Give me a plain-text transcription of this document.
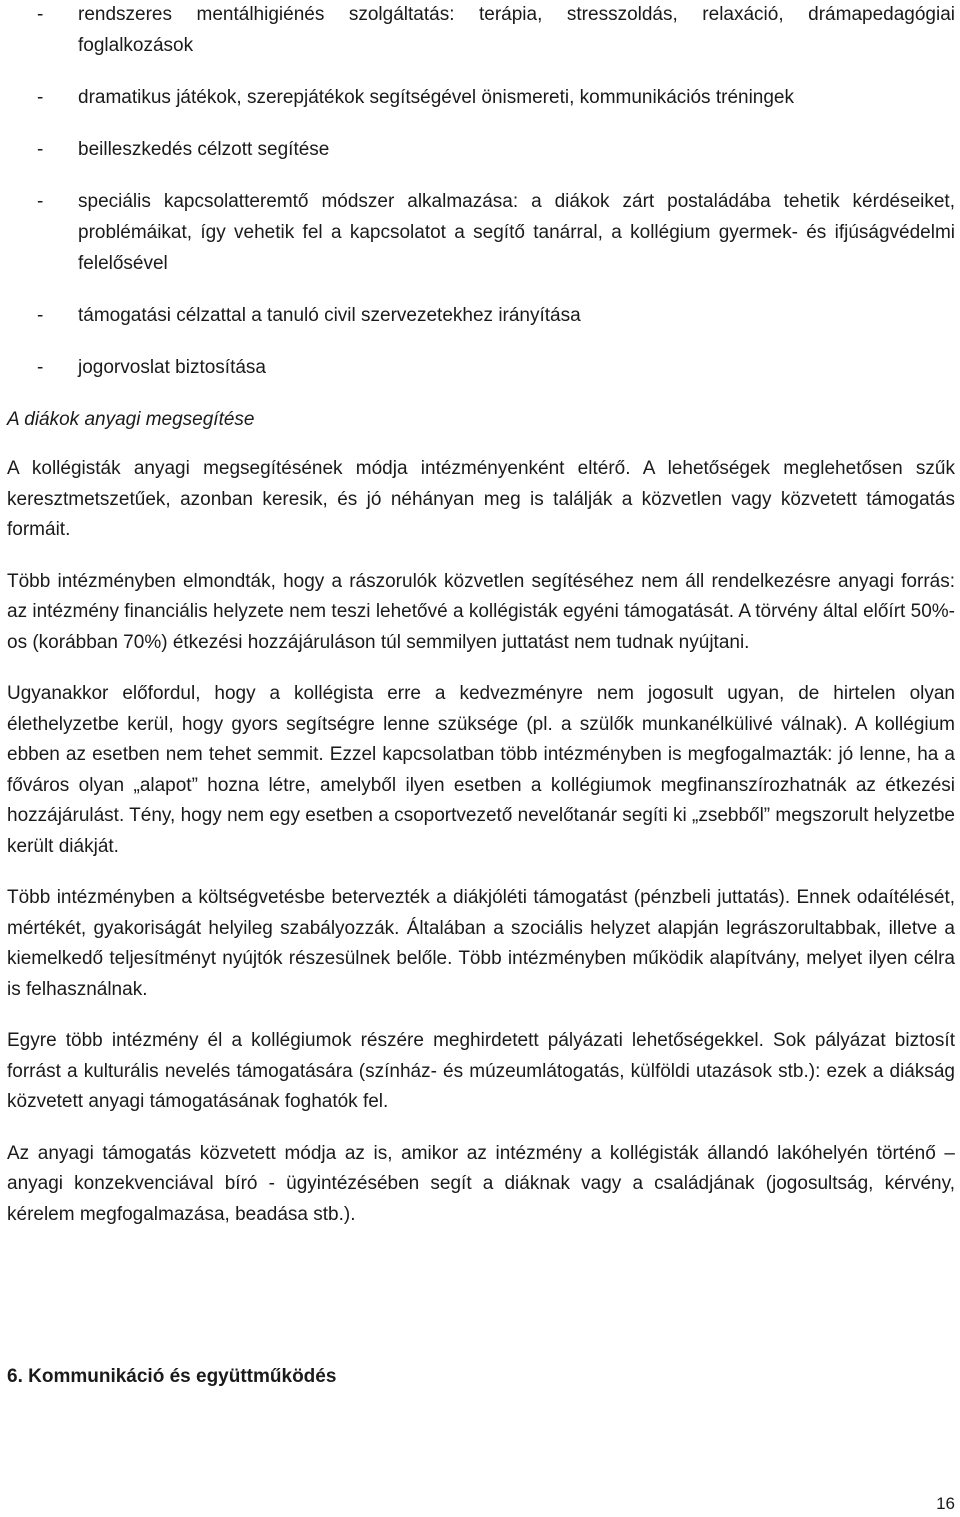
- rendszeres mentálhigiénés szolgáltatás: terápia, stresszoldás, relaxáció, drámapedagógiai foglalkozások
- dramatikus játékok, szerepjátékok segítségével önismereti, kommunikációs tréningek
- beilleszkedés célzott segítése
- speciális kapcsolatteremtő módszer alkalmazása: a diákok zárt postaládába tehetik kérdéseiket, problémáikat, így vehetik fel a kapcsolatot a segítő tanárral, a kollégium gyermek- és ifjúságvédelmi felelősével
- támogatási célzattal a tanuló civil szervezetekhez irányítása
- jogorvoslat biztosítása
A diákok anyagi megsegítése

A kollégisták anyagi megsegítésének módja intézményenként eltérő. A lehetőségek meglehetősen szűk keresztmetszetűek, azonban keresik, és jó néhányan meg is találják a közvetlen vagy közvetett támogatás formáit.

Több intézményben elmondták, hogy a rászorulók közvetlen segítéséhez nem áll rendelkezésre anyagi forrás: az intézmény financiális helyzete nem teszi lehetővé a kollégisták egyéni támogatását. A törvény által előírt 50%-os (korábban 70%) étkezési hozzájáruláson túl semmilyen juttatást nem tudnak nyújtani.

Ugyanakkor előfordul, hogy a kollégista erre a kedvezményre nem jogosult ugyan, de hirtelen olyan élethelyzetbe kerül, hogy gyors segítségre lenne szüksége (pl. a szülők munkanélkülivé válnak). A kollégium ebben az esetben nem tehet semmit. Ezzel kapcsolatban több intézményben is megfogalmazták: jó lenne, ha a főváros olyan „alapot” hozna létre, amelyből ilyen esetben a kollégiumok megfinanszírozhatnák az étkezési hozzájárulást. Tény, hogy nem egy esetben a csoportvezető nevelőtanár segíti ki „zsebből” megszorult helyzetbe került diákját.

Több intézményben a költségvetésbe betervezték a diákjóléti támogatást (pénzbeli juttatás). Ennek odaítélését, mértékét, gyakoriságát helyileg szabályozzák. Általában a szociális helyzet alapján legrászorultabbak, illetve a kiemelkedő teljesítményt nyújtók részesülnek belőle. Több intézményben működik alapítvány, melyet ilyen célra is felhasználnak.

Egyre több intézmény él a kollégiumok részére meghirdetett pályázati lehetőségekkel. Sok pályázat biztosít forrást a kulturális nevelés támogatására (színház- és múzeumlátogatás, külföldi utazások stb.): ezek a diákság közvetett anyagi támogatásának foghatók fel.

Az anyagi támogatás közvetett módja az is, amikor az intézmény a kollégisták állandó lakóhelyén történő – anyagi konzekvenciával bíró - ügyintézésében segít a diáknak vagy a családjának (jogosultság, kérvény, kérelem megfogalmazása, beadása stb.).

6. Kommunikáció és együttműködés
16
